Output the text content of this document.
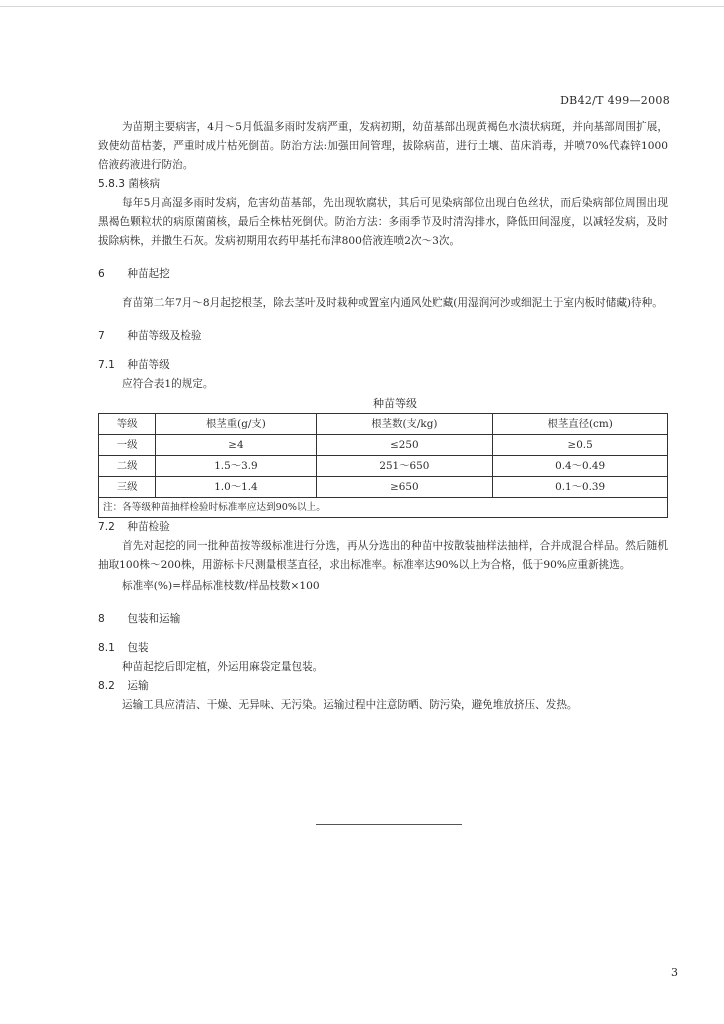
DB42/T 499—2008

为苗期主要病害，4月～5月低温多雨时发病严重，发病初期，幼苗基部出现黄褐色水渍状病斑，并向基部周围扩展，致使幼苗枯萎，严重时成片枯死倒苗。防治方法:加强田间管理，拔除病苗，进行土壤、苗床消毒，并喷70%代森锌1000倍液药液进行防治。

5.8.3 菌核病

每年5月高湿多雨时发病，危害幼苗基部，先出现软腐状，其后可见染病部位出现白色丝状，而后染病部位周围出现黑褐色颗粒状的病原菌菌核，最后全株枯死倒伏。防治方法：多雨季节及时清沟排水，降低田间湿度，以减轻发病，及时拔除病株，并撒生石灰。发病初期用农药甲基托布津800倍液连喷2次～3次。

6 种苗起挖

育苗第二年7月～8月起挖根茎，除去茎叶及时栽种或置室内通风处贮藏(用湿润河沙或细泥土于室内板时储藏)待种。

7 种苗等级及检验
7.1 种苗等级

应符合表1的规定。

种苗等级
等级	根茎重(g/支)	根茎数(支/kg)	根茎直径(cm)
一级	≥4	≤250	≥0.5
二级	1.5～3.9	251～650	0.4～0.49
三级	1.0～1.4	≥650	0.1～0.39
注：各等级种苗抽样检验时标准率应达到90%以上。			
7.2 种苗检验

首先对起挖的同一批种苗按等级标准进行分选，再从分选出的种苗中按散装抽样法抽样，合并成混合样品。然后随机抽取100株～200株，用游标卡尺测量根茎直径，求出标准率。标准率达90%以上为合格，低于90%应重新挑选。

标准率(%)=样品标准枝数/样品枝数×100

8 包装和运输
8.1 包装

种苗起挖后即定植，外运用麻袋定量包装。

8.2 运输

运输工具应清洁、干燥、无异味、无污染。运输过程中注意防晒、防污染，避免堆放挤压、发热。

3
